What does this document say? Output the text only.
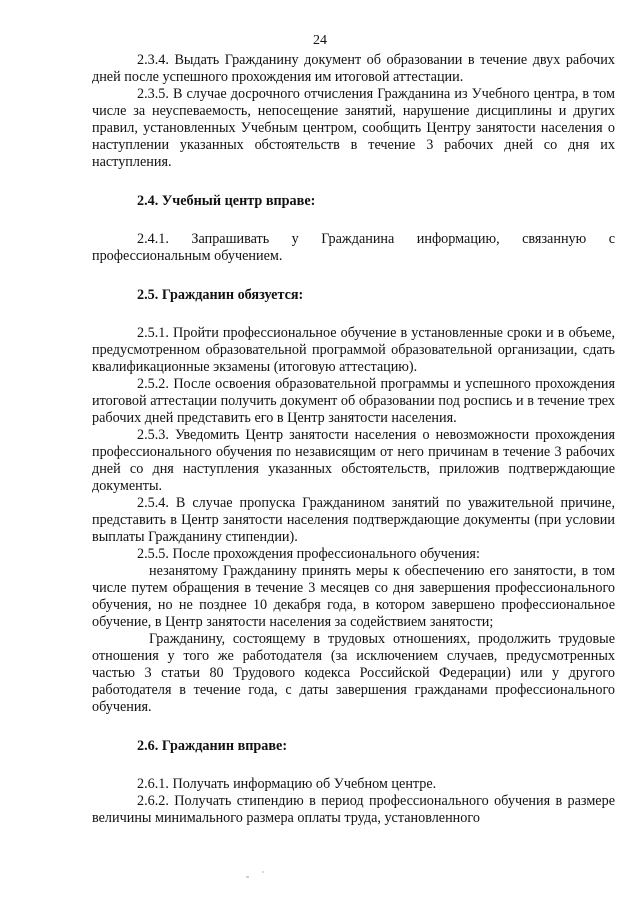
24

2.3.4. Выдать Гражданину документ об образовании в течение двух рабочих дней после успешного прохождения им итоговой аттестации.

2.3.5. В случае досрочного отчисления Гражданина из Учебного центра, в том числе за неуспеваемость, непосещение занятий, нарушение дисциплины и других правил, установленных Учебным центром, сообщить Центру занятости населения о наступлении указанных обстоятельств в течение 3 рабочих дней со дня их наступления.

2.4. Учебный центр вправе:

2.4.1. Запрашивать у Гражданина информацию, связанную с профессиональным обучением.

2.5. Гражданин обязуется:

2.5.1. Пройти профессиональное обучение в установленные сроки и в объеме, предусмотренном образовательной программой образовательной организации, сдать квалификационные экзамены (итоговую аттестацию).

2.5.2. После освоения образовательной программы и успешного прохождения итоговой аттестации получить документ об образовании под роспись и в течение трех рабочих дней представить его в Центр занятости населения.

2.5.3. Уведомить Центр занятости населения о невозможности прохождения профессионального обучения по независящим от него причинам в течение 3 рабочих дней со дня наступления указанных обстоятельств, приложив подтверждающие документы.

2.5.4. В случае пропуска Гражданином занятий по уважительной причине, представить в Центр занятости населения подтверждающие документы (при условии выплаты Гражданину стипендии).

2.5.5. После прохождения профессионального обучения:

незанятому Гражданину принять меры к обеспечению его занятости, в том числе путем обращения в течение 3 месяцев со дня завершения профессионального обучения, но не позднее 10 декабря года, в котором завершено профессиональное обучение, в Центр занятости населения за содействием занятости;

Гражданину, состоящему в трудовых отношениях, продолжить трудовые отношения у того же работодателя (за исключением случаев, предусмотренных частью 3 статьи 80 Трудового кодекса Российской Федерации) или у другого работодателя в течение года, с даты завершения гражданами профессионального обучения.

2.6. Гражданин вправе:

2.6.1. Получать информацию об Учебном центре.

2.6.2. Получать стипендию в период профессионального обучения в размере величины минимального размера оплаты труда, установленного
